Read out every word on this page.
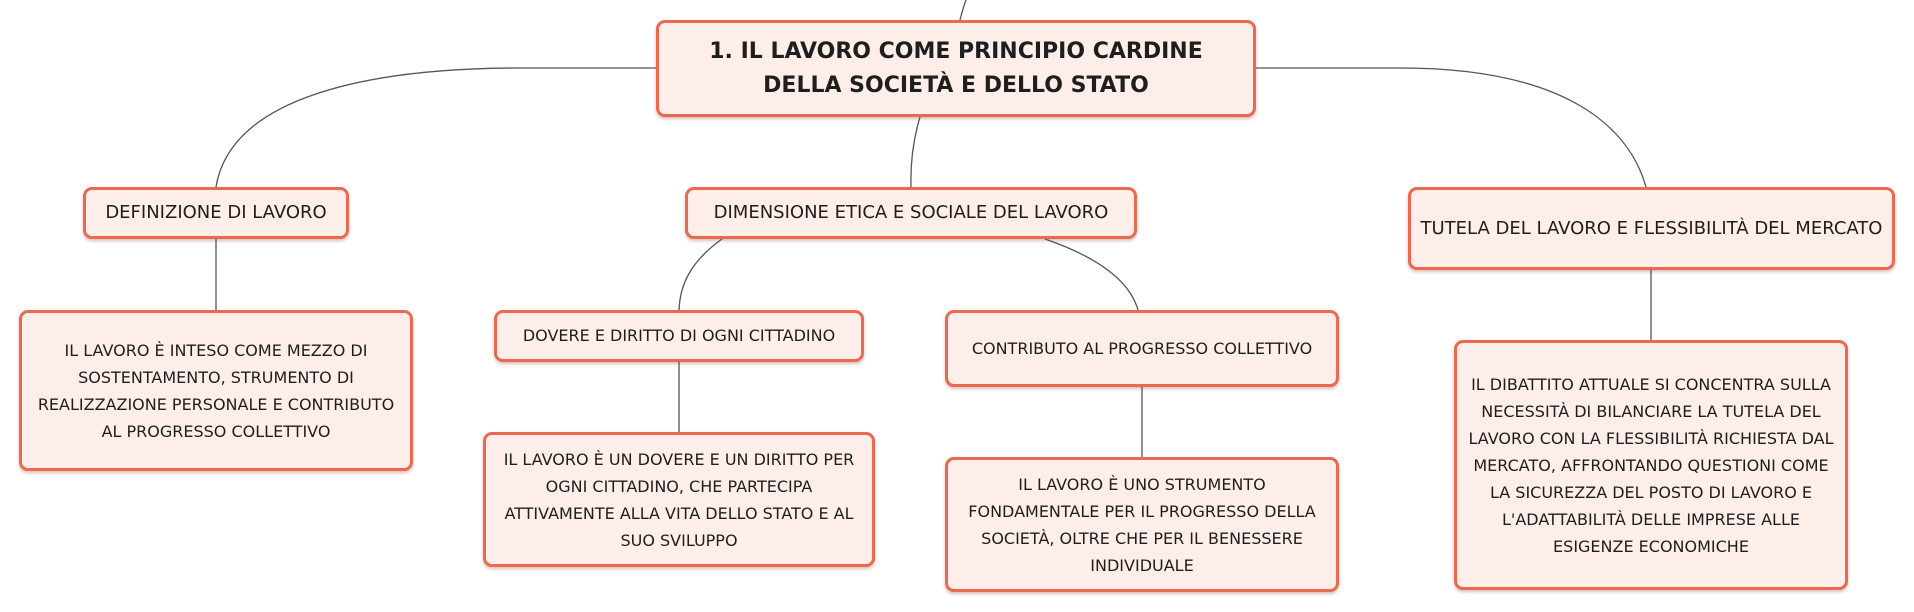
1. IL LAVORO COME PRINCIPIO CARDINE DELLA SOCIETÀ E DELLO STATO
DEFINIZIONE DI LAVORO
IL LAVORO È INTESO COME MEZZO DI SOSTENTAMENTO, STRUMENTO DI REALIZZAZIONE PERSONALE E CONTRIBUTO AL PROGRESSO COLLETTIVO
DIMENSIONE ETICA E SOCIALE DEL LAVORO
DOVERE E DIRITTO DI OGNI CITTADINO
IL LAVORO È UN DOVERE E UN DIRITTO PER OGNI CITTADINO, CHE PARTECIPA ATTIVAMENTE ALLA VITA DELLO STATO E AL SUO SVILUPPO
CONTRIBUTO AL PROGRESSO COLLETTIVO
IL LAVORO È UNO STRUMENTO FONDAMENTALE PER IL PROGRESSO DELLA SOCIETÀ, OLTRE CHE PER IL BENESSERE INDIVIDUALE
TUTELA DEL LAVORO E FLESSIBILITÀ DEL MERCATO
IL DIBATTITO ATTUALE SI CONCENTRA SULLA NECESSITÀ DI BILANCIARE LA TUTELA DEL LAVORO CON LA FLESSIBILITÀ RICHIESTA DAL MERCATO, AFFRONTANDO QUESTIONI COME LA SICUREZZA DEL POSTO DI LAVORO E L'ADATTABILITÀ DELLE IMPRESE ALLE ESIGENZE ECONOMICHE
